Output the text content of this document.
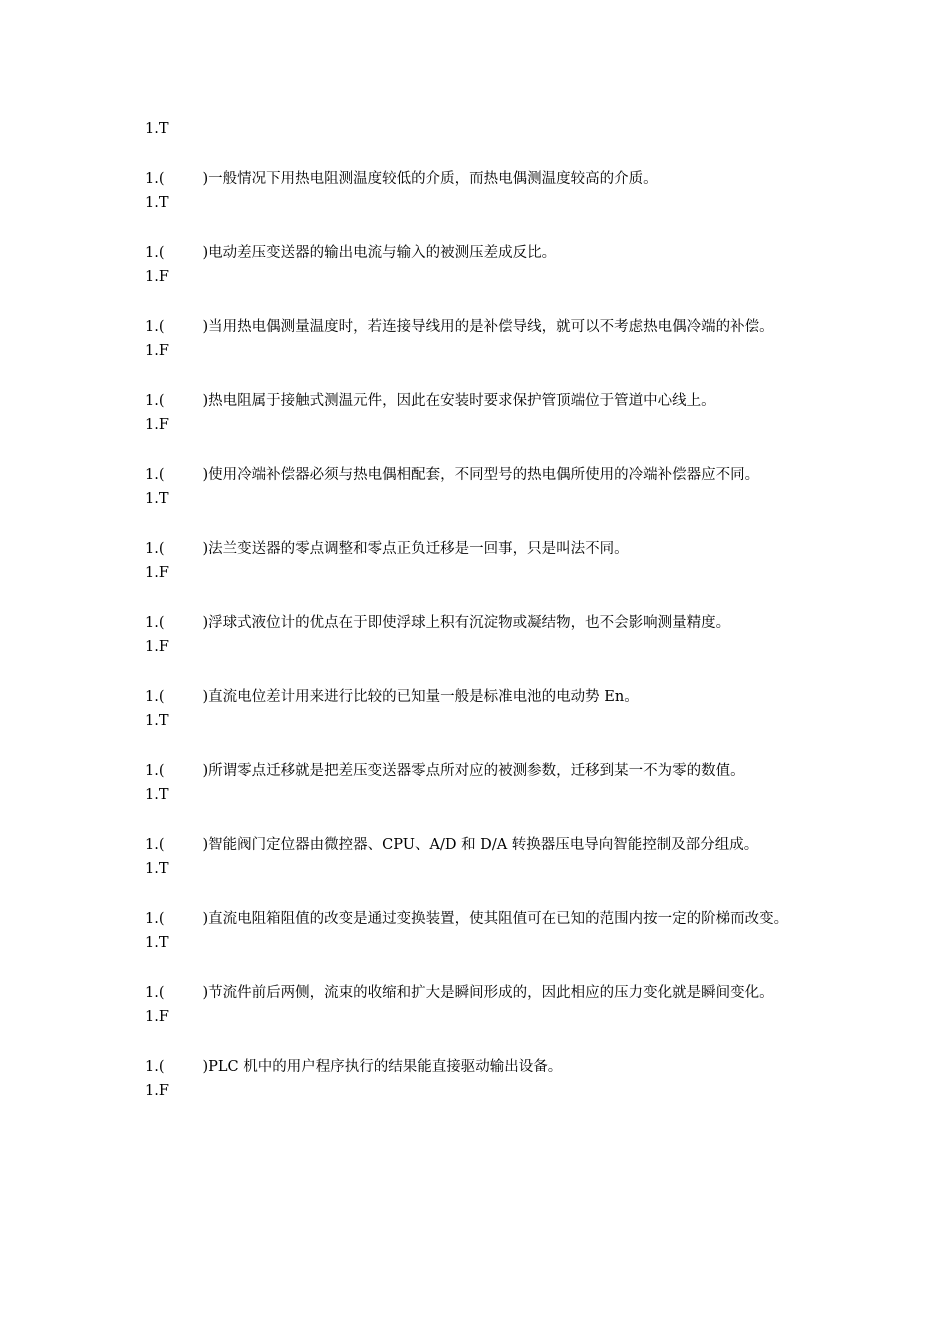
1.T
1.(	)一般情况下用热电阻测温度较低的介质，而热电偶测温度较高的介质。
1.T
1.(	)电动差压变送器的输出电流与输入的被测压差成反比。
1.F
1.(	)当用热电偶测量温度时，若连接导线用的是补偿导线，就可以不考虑热电偶冷端的补偿。
1.F
1.(	)热电阻属于接触式测温元件，因此在安装时要求保护管顶端位于管道中心线上。
1.F
1.(	)使用冷端补偿器必须与热电偶相配套，不同型号的热电偶所使用的冷端补偿器应不同。
1.T
1.(	)法兰变送器的零点调整和零点正负迁移是一回事，只是叫法不同。
1.F
1.(	)浮球式液位计的优点在于即使浮球上积有沉淀物或凝结物，也不会影响测量精度。
1.F
1.(	)直流电位差计用来进行比较的已知量一般是标准电池的电动势 En。
1.T
1.(	)所谓零点迁移就是把差压变送器零点所对应的被测参数，迁移到某一不为零的数值。
1.T
1.(	)智能阀门定位器由微控器、CPU、A/D 和 D/A 转换器压电导向智能控制及部分组成。
1.T
1.(	)直流电阻箱阻值的改变是通过变换装置，使其阻值可在已知的范围内按一定的阶梯而改变。
1.T
1.(	)节流件前后两侧，流束的收缩和扩大是瞬间形成的，因此相应的压力变化就是瞬间变化。
1.F
1.(	)PLC 机中的用户程序执行的结果能直接驱动输出设备。
1.F
